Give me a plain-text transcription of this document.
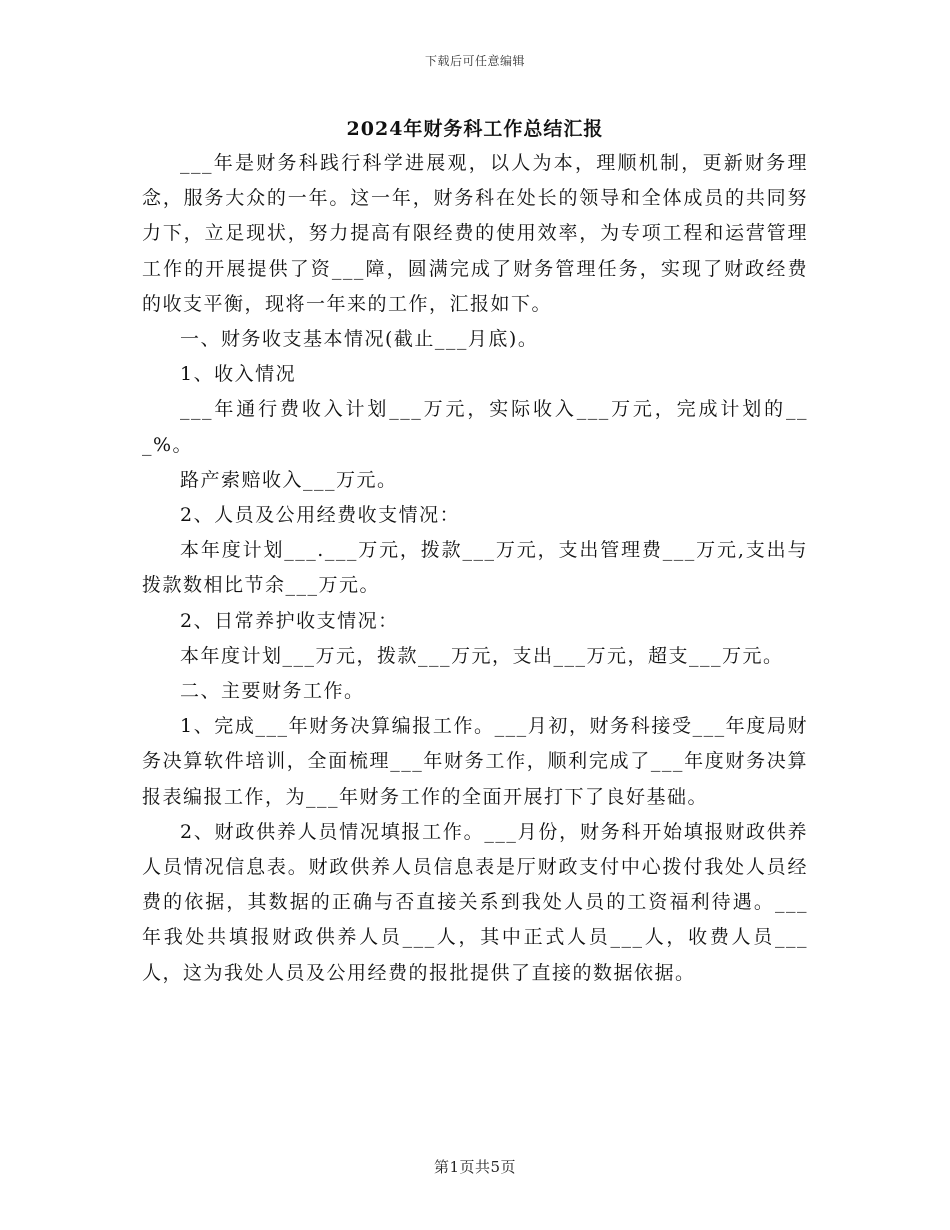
下载后可任意编辑
2024年财务科工作总结汇报

___年是财务科践行科学进展观，以人为本，理顺机制，更新财务理念，服务大众的一年。这一年，财务科在处长的领导和全体成员的共同努力下，立足现状，努力提高有限经费的使用效率，为专项工程和运营管理工作的开展提供了资___障，圆满完成了财务管理任务，实现了财政经费的收支平衡，现将一年来的工作，汇报如下。

一、财务收支基本情况(截止___月底)。

1、收入情况

___年通行费收入计划___万元，实际收入___万元，完成计划的___%。

路产索赔收入___万元。

2、人员及公用经费收支情况：

本年度计划___.___万元，拨款___万元，支出管理费___万元,支出与拨款数相比节余___万元。

2、日常养护收支情况：

本年度计划___万元，拨款___万元，支出___万元，超支___万元。

二、主要财务工作。

1、完成___年财务决算编报工作。___月初，财务科接受___年度局财务决算软件培训，全面梳理___年财务工作，顺利完成了___年度财务决算报表编报工作，为___年财务工作的全面开展打下了良好基础。

2、财政供养人员情况填报工作。___月份，财务科开始填报财政供养人员情况信息表。财政供养人员信息表是厅财政支付中心拨付我处人员经费的依据，其数据的正确与否直接关系到我处人员的工资福利待遇。___年我处共填报财政供养人员___人，其中正式人员___人，收费人员___人，这为我处人员及公用经费的报批提供了直接的数据依据。

第1页共5页
